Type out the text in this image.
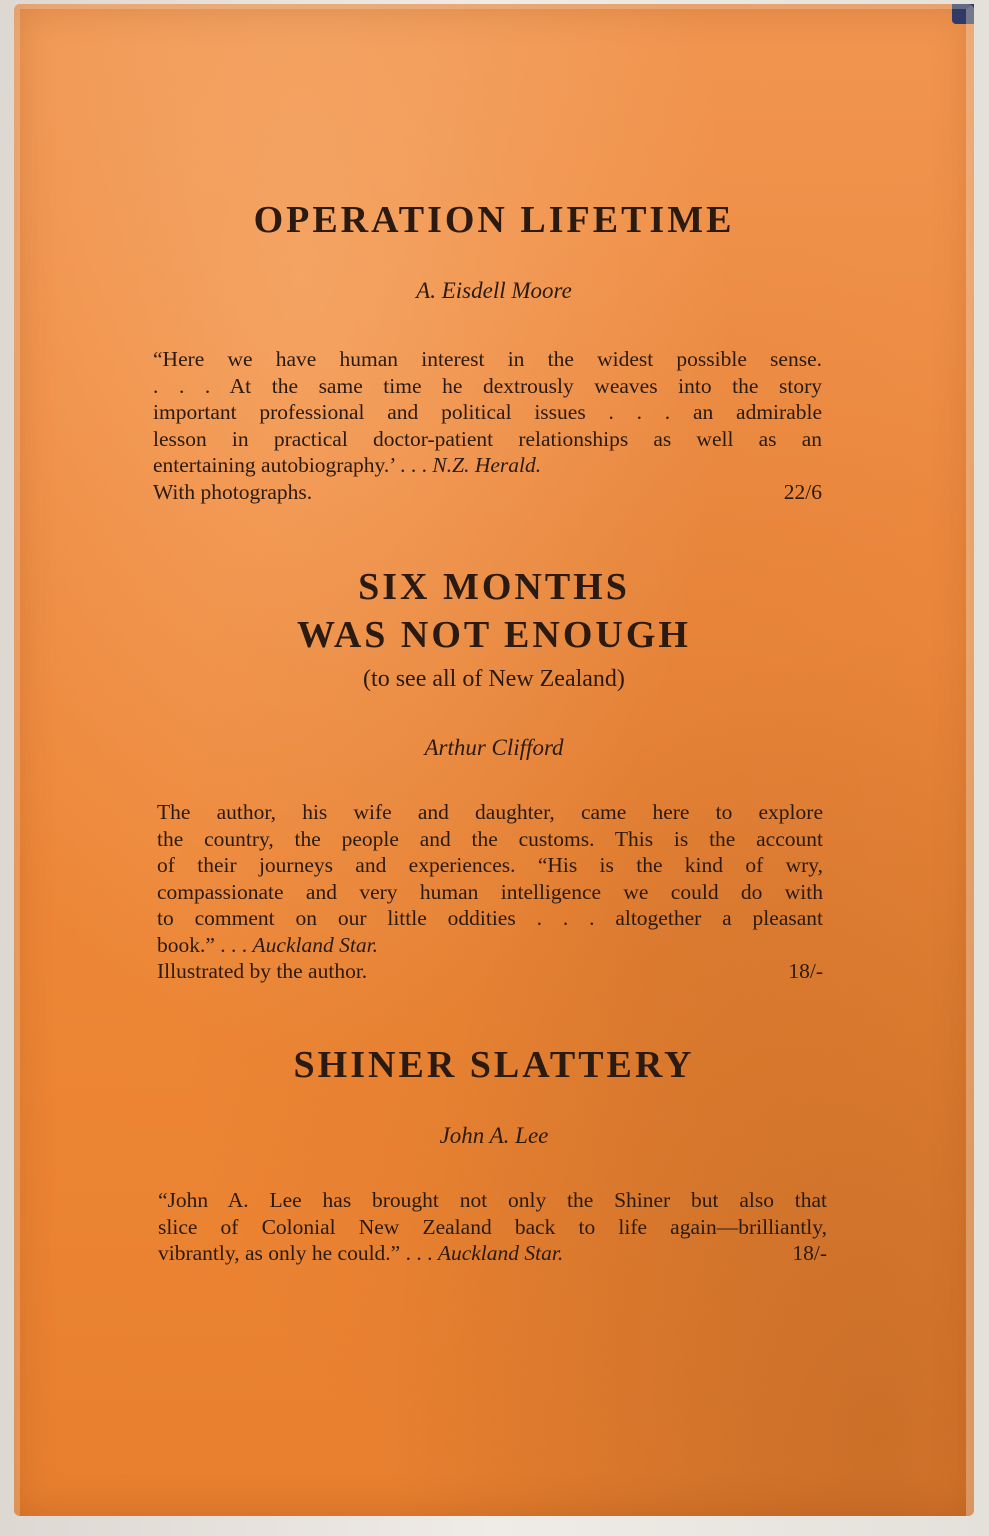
OPERATION LIFETIME
A. Eisdell Moore
“Here we have human interest in the widest possible sense.
. . . At the same time he dextrously weaves into the story
important professional and political issues . . . an admirable
lesson in practical doctor-patient relationships as well as an
entertaining autobiography.’ . . . N.Z. Herald.
With photographs.	22/6
SIX MONTHS
WAS NOT ENOUGH
(to see all of New Zealand)
Arthur Clifford
The author, his wife and daughter, came here to explore
the country, the people and the customs. This is the account
of their journeys and experiences. “His is the kind of wry,
compassionate and very human intelligence we could do with
to comment on our little oddities . . . altogether a pleasant
book.” . . . Auckland Star.
Illustrated by the author.	18/-
SHINER SLATTERY
John A. Lee
“John A. Lee has brought not only the Shiner but also that
slice of Colonial New Zealand back to life again—brilliantly,
vibrantly, as only he could.” . . . Auckland Star.	18/-
